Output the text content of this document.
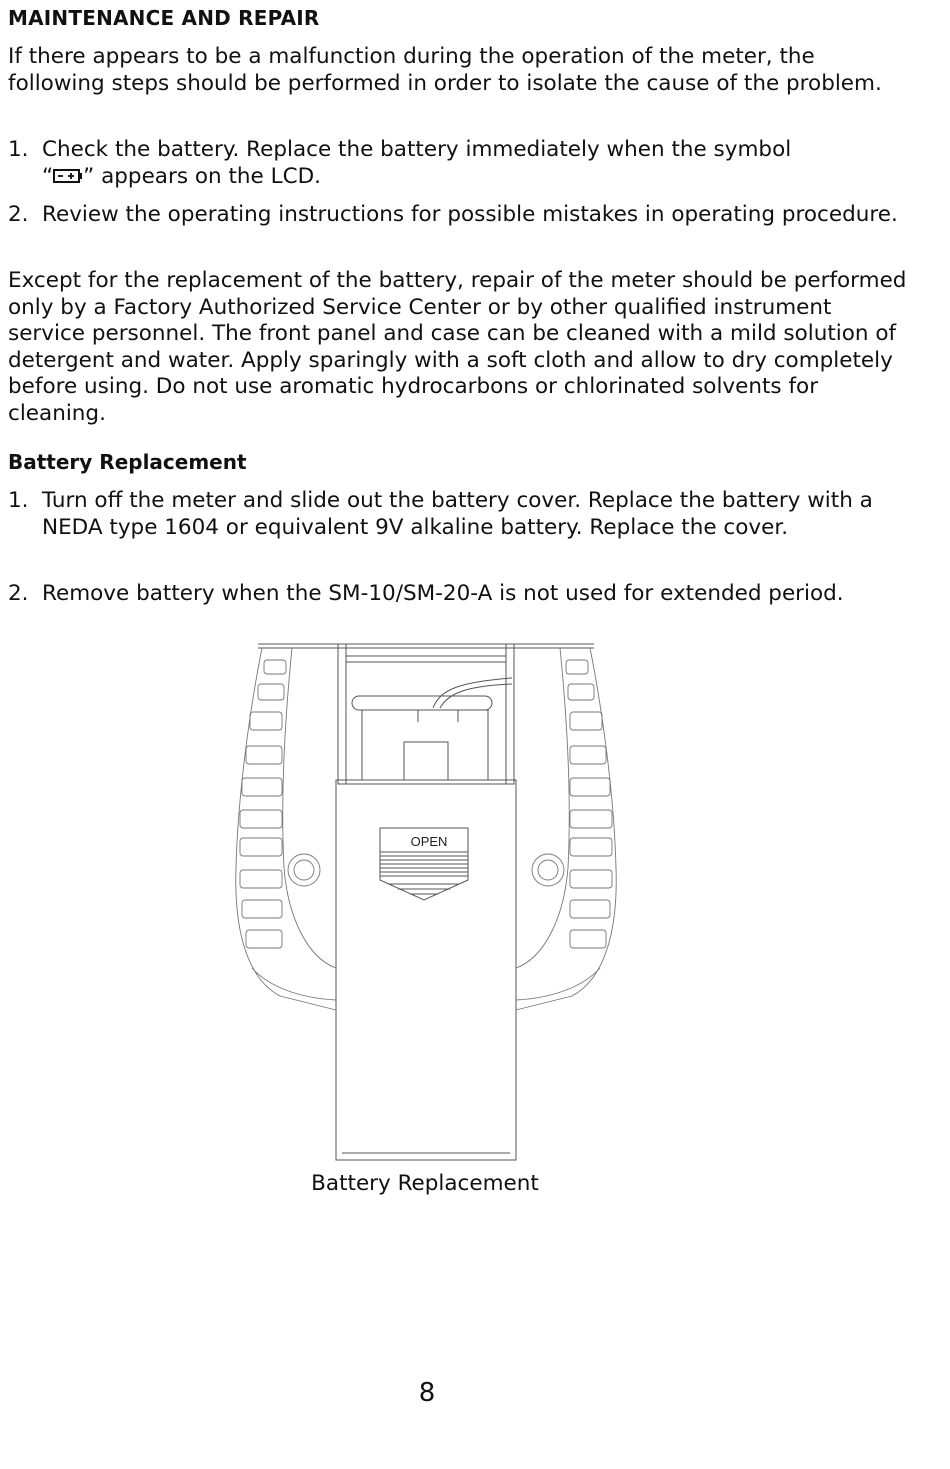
MAINTENANCE AND REPAIR

If there appears to be a malfunction during the operation of the meter, the following steps should be performed in order to isolate the cause of the problem.

1. Check the battery. Replace the battery immediately when the symbol
“ ” appears on the LCD.
2. Review the operating instructions for possible mistakes in operating procedure.

Except for the replacement of the battery, repair of the meter should be performed only by a Factory Authorized Service Center or by other qualified instrument service personnel. The front panel and case can be cleaned with a mild solution of detergent and water. Apply sparingly with a soft cloth and allow to dry completely before using. Do not use aromatic hydrocarbons or chlorinated solvents for cleaning.

Battery Replacement
1. Turn off the meter and slide out the battery cover. Replace the battery with a NEDA type 1604 or equivalent 9V alkaline battery. Replace the cover.
2. Remove battery when the SM-10/SM-20-A is not used for extended period.
OPEN
Battery Replacement
8
